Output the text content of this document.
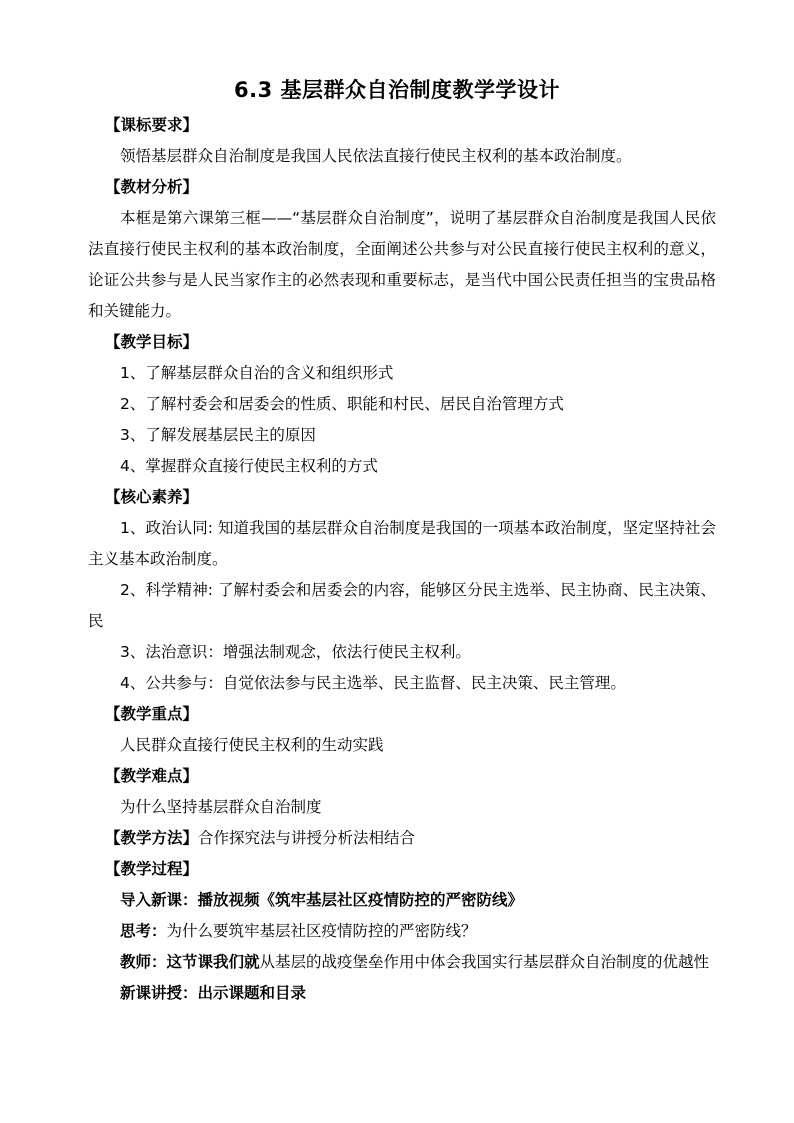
6.3 基层群众自治制度教学学设计

【课标要求】

领悟基层群众自治制度是我国人民依法直接行使民主权利的基本政治制度。

【教材分析】

本框是第六课第三框——“基层群众自治制度”，说明了基层群众自治制度是我国人民依法直接行使民主权利的基本政治制度，全面阐述公共参与对公民直接行使民主权利的意义，论证公共参与是人民当家作主的必然表现和重要标志，是当代中国公民责任担当的宝贵品格和关键能力。

【教学目标】

1、了解基层群众自治的含义和组织形式

2、了解村委会和居委会的性质、职能和村民、居民自治管理方式

3、了解发展基层民主的原因

4、掌握群众直接行使民主权利的方式

【核心素养】

1、政治认同: 知道我国的基层群众自治制度是我国的一项基本政治制度，坚定坚持社会主义基本政治制度。

2、科学精神: 了解村委会和居委会的内容，能够区分民主选举、民主协商、民主决策、民

3、法治意识：增强法制观念，依法行使民主权利。

4、公共参与：自觉依法参与民主选举、民主监督、民主决策、民主管理。

【教学重点】

人民群众直接行使民主权利的生动实践

【教学难点】

为什么坚持基层群众自治制度

【教学方法】合作探究法与讲授分析法相结合

【教学过程】

导入新课：播放视频《筑牢基层社区疫情防控的严密防线》

思考：为什么要筑牢基层社区疫情防控的严密防线？

教师：这节课我们就从基层的战疫堡垒作用中体会我国实行基层群众自治制度的优越性

新课讲授：出示课题和目录
